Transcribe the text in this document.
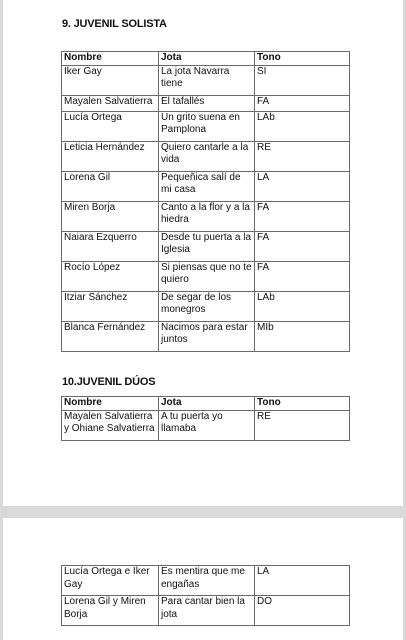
9. JUVENIL SOLISTA
Nombre	Jota	Tono
Iker Gay	La jota Navarra tiene	SI
Mayalen Salvatierra	El tafallés	FA
Lucía Ortega	Un grito suena en Pamplona	LAb
Leticia Hernández	Quiero cantarle a la vida	RE
Lorena Gil	Pequeñica salí de mi casa	LA
Miren Borja	Canto a la flor y a la hiedra	FA
Naiara Ezquerro	Desde tu puerta a la Iglesia	FA
Rocío López	Si piensas que no te quiero	FA
Itziar Sánchez	De segar de los monegros	LAb
Blanca Fernández	Nacimos para estar juntos	MIb
10.JUVENIL DÚOS
Nombre	Jota	Tono
Mayalen Salvatierra y Ohiane Salvatierra	A tu puerta yo llamaba	RE
Lucía Ortega e Iker Gay	Es mentira que me engañas	LA
Lorena Gil y Miren Borja	Para cantar bien la jota	DO
